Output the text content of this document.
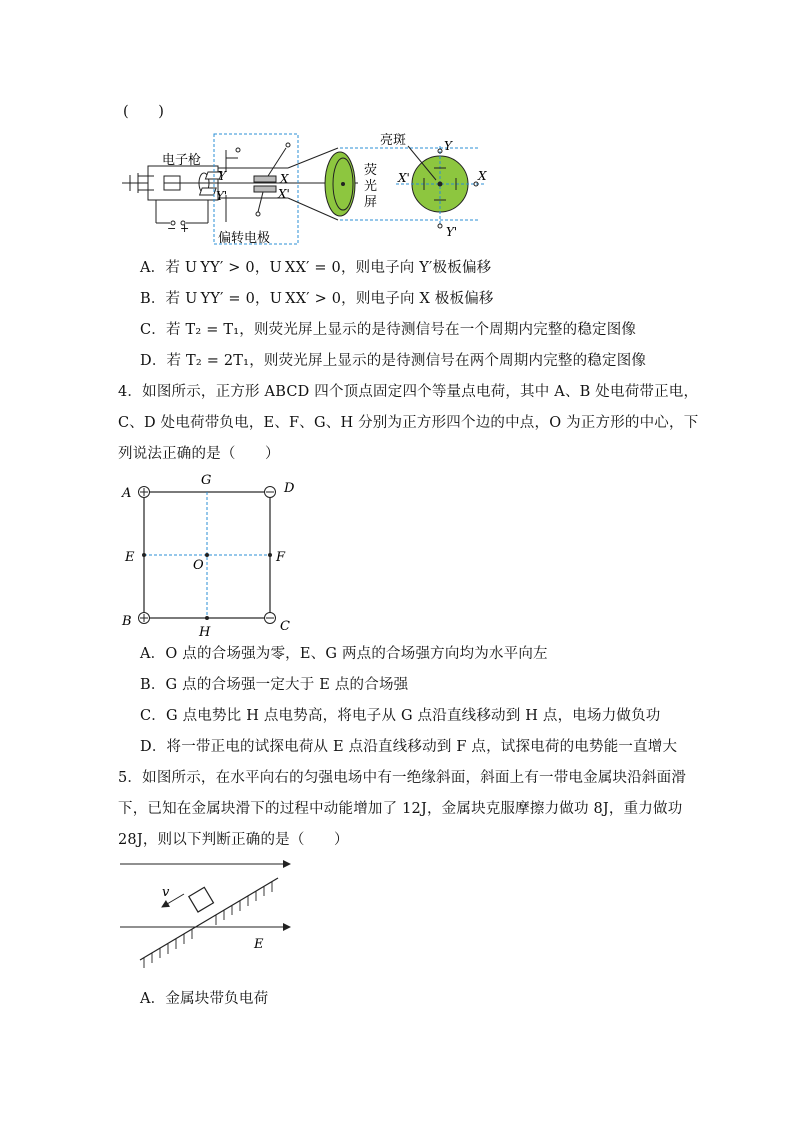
(　　)
电子枪
Y
Y'
X
X'
偏转电极
− +
亮斑
荧
光
屏
Y
Y'
X
X'
A．若 U YY′ > 0，U XX′ = 0，则电子向 Y′极板偏移
B．若 U YY′ = 0，U XX′ > 0，则电子向 X 极板偏移
C．若 T₂ = T₁，则荧光屏上显示的是待测信号在一个周期内完整的稳定图像
D．若 T₂ = 2T₁，则荧光屏上显示的是待测信号在两个周期内完整的稳定图像
4．如图所示，正方形 ABCD 四个顶点固定四个等量点电荷，其中 A、B 处电荷带正电，
C、D 处电荷带负电，E、F、G、H 分别为正方形四个边的中点，O 为正方形的中心，下
列说法正确的是（　　）
A
B	C
D
E	F
G
H
O
A．O 点的合场强为零，E、G 两点的合场强方向均为水平向左
B．G 点的合场强一定大于 E 点的合场强
C．G 点电势比 H 点电势高，将电子从 G 点沿直线移动到 H 点，电场力做负功
D．将一带正电的试探电荷从 E 点沿直线移动到 F 点，试探电荷的电势能一直增大
5．如图所示，在水平向右的匀强电场中有一绝缘斜面，斜面上有一带电金属块沿斜面滑
下，已知在金属块滑下的过程中动能增加了 12J，金属块克服摩擦力做功 8J，重力做功
28J，则以下判断正确的是（　　）
v
E
A．金属块带负电荷
